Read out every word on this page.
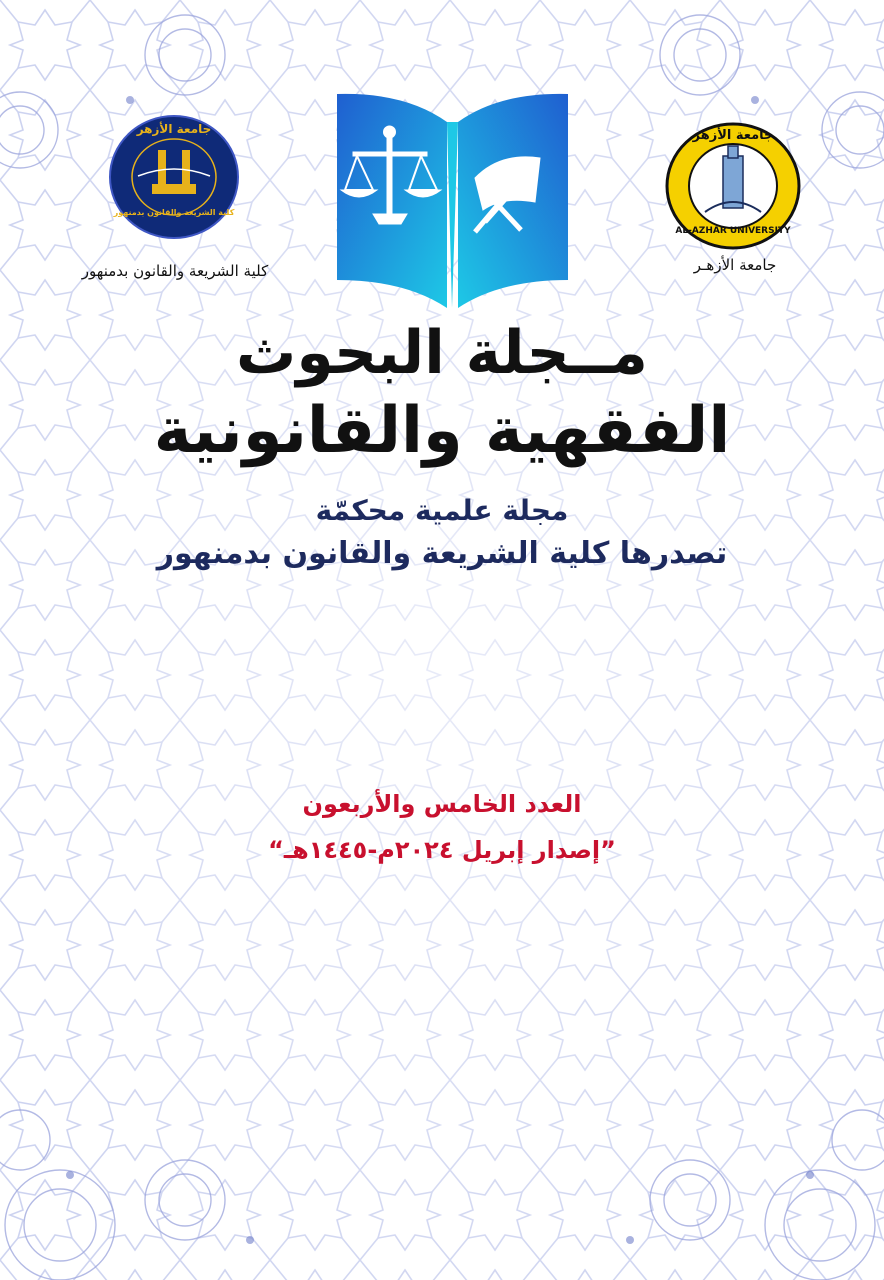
جامعة الأزهر
AL-AZHAR UNIVERSITY
جامعة الأزهـر
جامعة الأزهر
كلية الشريعة والقانون بدمنهور
كلية الشريعة والقانون بدمنهور
مــجلة البحوث
الفقهية والقانونية
مجلة علمية محكمّة
تصدرها كلية الشريعة والقانون بدمنهور
العدد الخامس والأربعون
”إصدار إبريل ٢٠٢٤م-١٤٤٥هـ“
